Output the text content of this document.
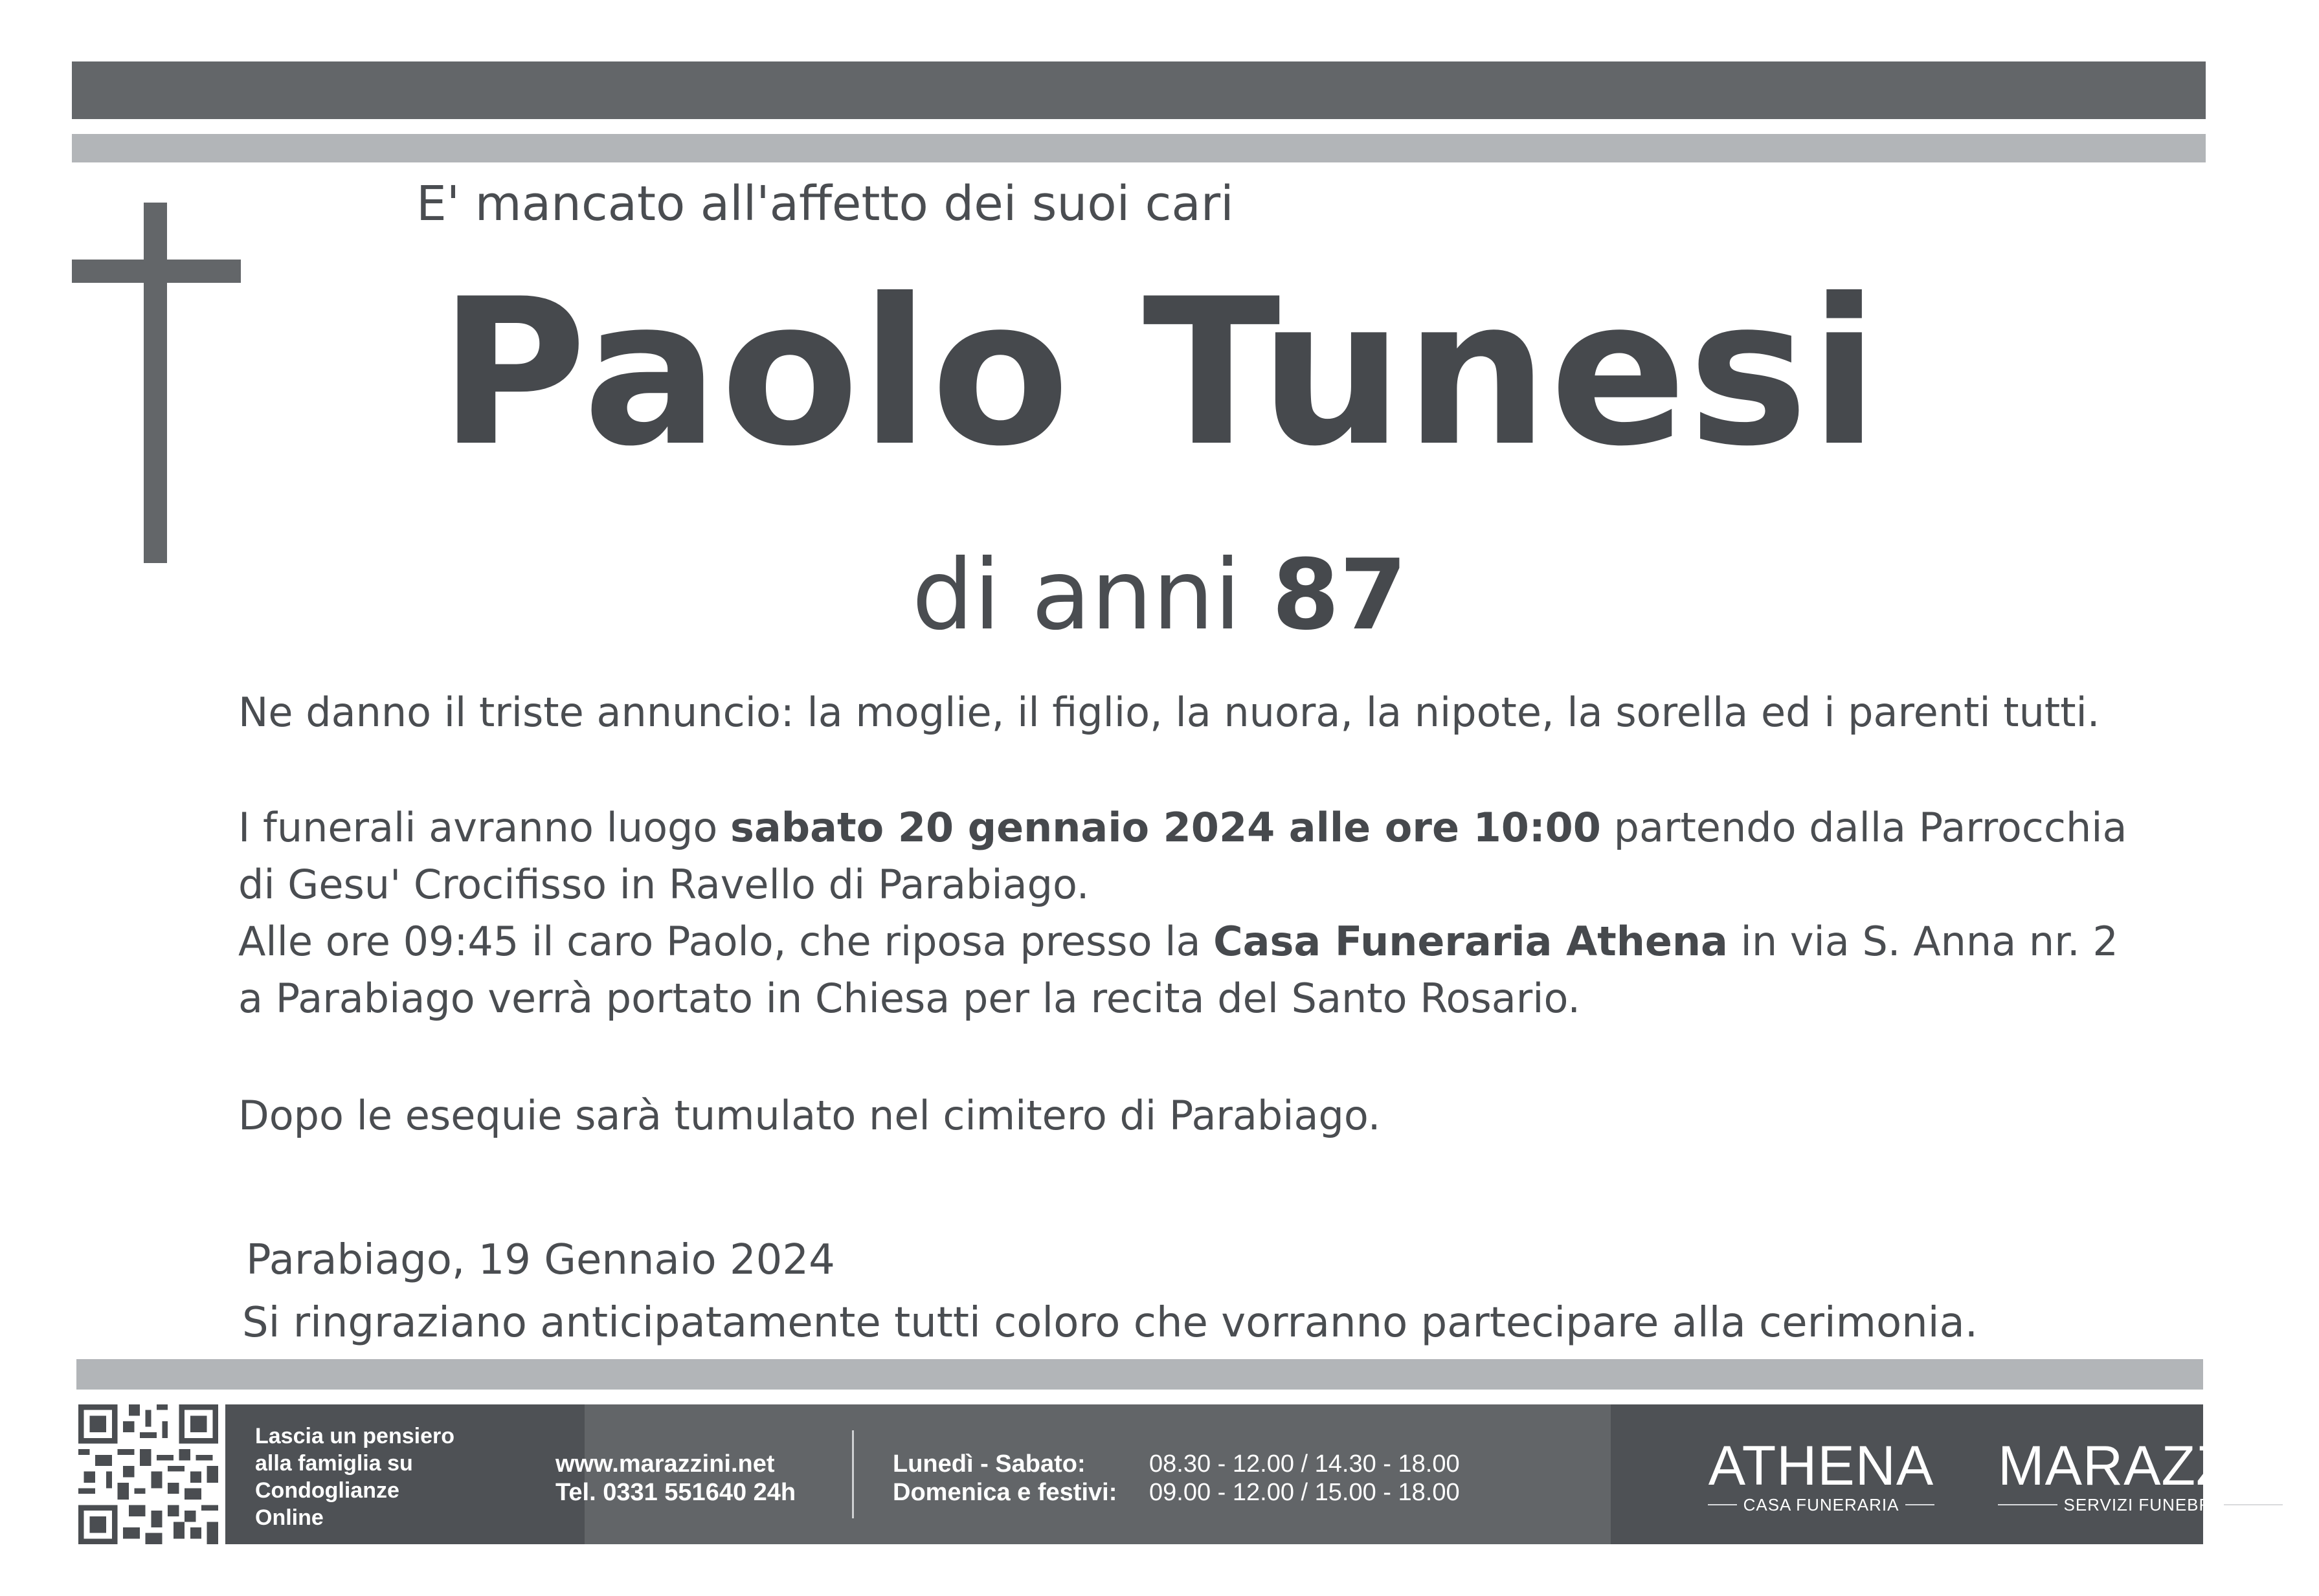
E' mancato all'affetto dei suoi cari

Paolo Tunesi

di anni 87

Ne danno il triste annuncio: la moglie, il figlio, la nuora, la nipote, la sorella ed i parenti tutti.
I funerali avranno luogo sabato 20 gennaio 2024 alle ore 10:00 partendo dalla Parrocchia
di Gesu' Crocifisso in Ravello di Parabiago.
Alle ore 09:45 il caro Paolo, che riposa presso la Casa Funeraria Athena in via S. Anna nr. 2
a Parabiago verrà portato in Chiesa per la recita del Santo Rosario.
Dopo le esequie sarà tumulato nel cimitero di Parabiago.

Parabiago, 19 Gennaio 2024

Si ringraziano anticipatamente tutti coloro che vorranno partecipare alla cerimonia.

Lascia un pensiero
alla famiglia su
Condoglianze
Online
www.marazzini.net
Tel. 0331 551640 24h
Lunedì - Sabato:	08.30 - 12.00 / 14.30 - 18.00
Domenica e festivi: 09.00 - 12.00 / 15.00 - 18.00	ATHENA
CASA FUNERARIA
MARAZZINI
SERVIZI FUNEBRI
